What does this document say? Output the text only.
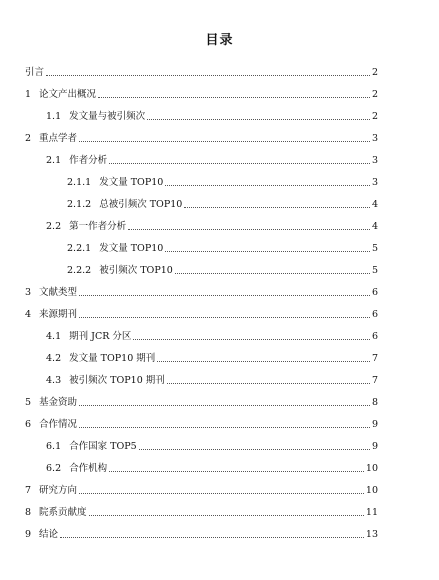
目录
引言	2
1 论文产出概况	2
1.1 发文量与被引频次	2
2 重点学者	3
2.1 作者分析	3
2.1.1 发文量 TOP10	3
2.1.2 总被引频次 TOP10	4
2.2 第一作者分析	4
2.2.1 发文量 TOP10	5
2.2.2 被引频次 TOP10	5
3 文献类型	6
4 来源期刊	6
4.1 期刊 JCR 分区	6
4.2 发文量 TOP10 期刊	7
4.3 被引频次 TOP10 期刊	7
5 基金资助	8
6 合作情况	9
6.1 合作国家 TOP5	9
6.2 合作机构	10
7 研究方向	10
8 院系贡献度	11
9 结论	13
